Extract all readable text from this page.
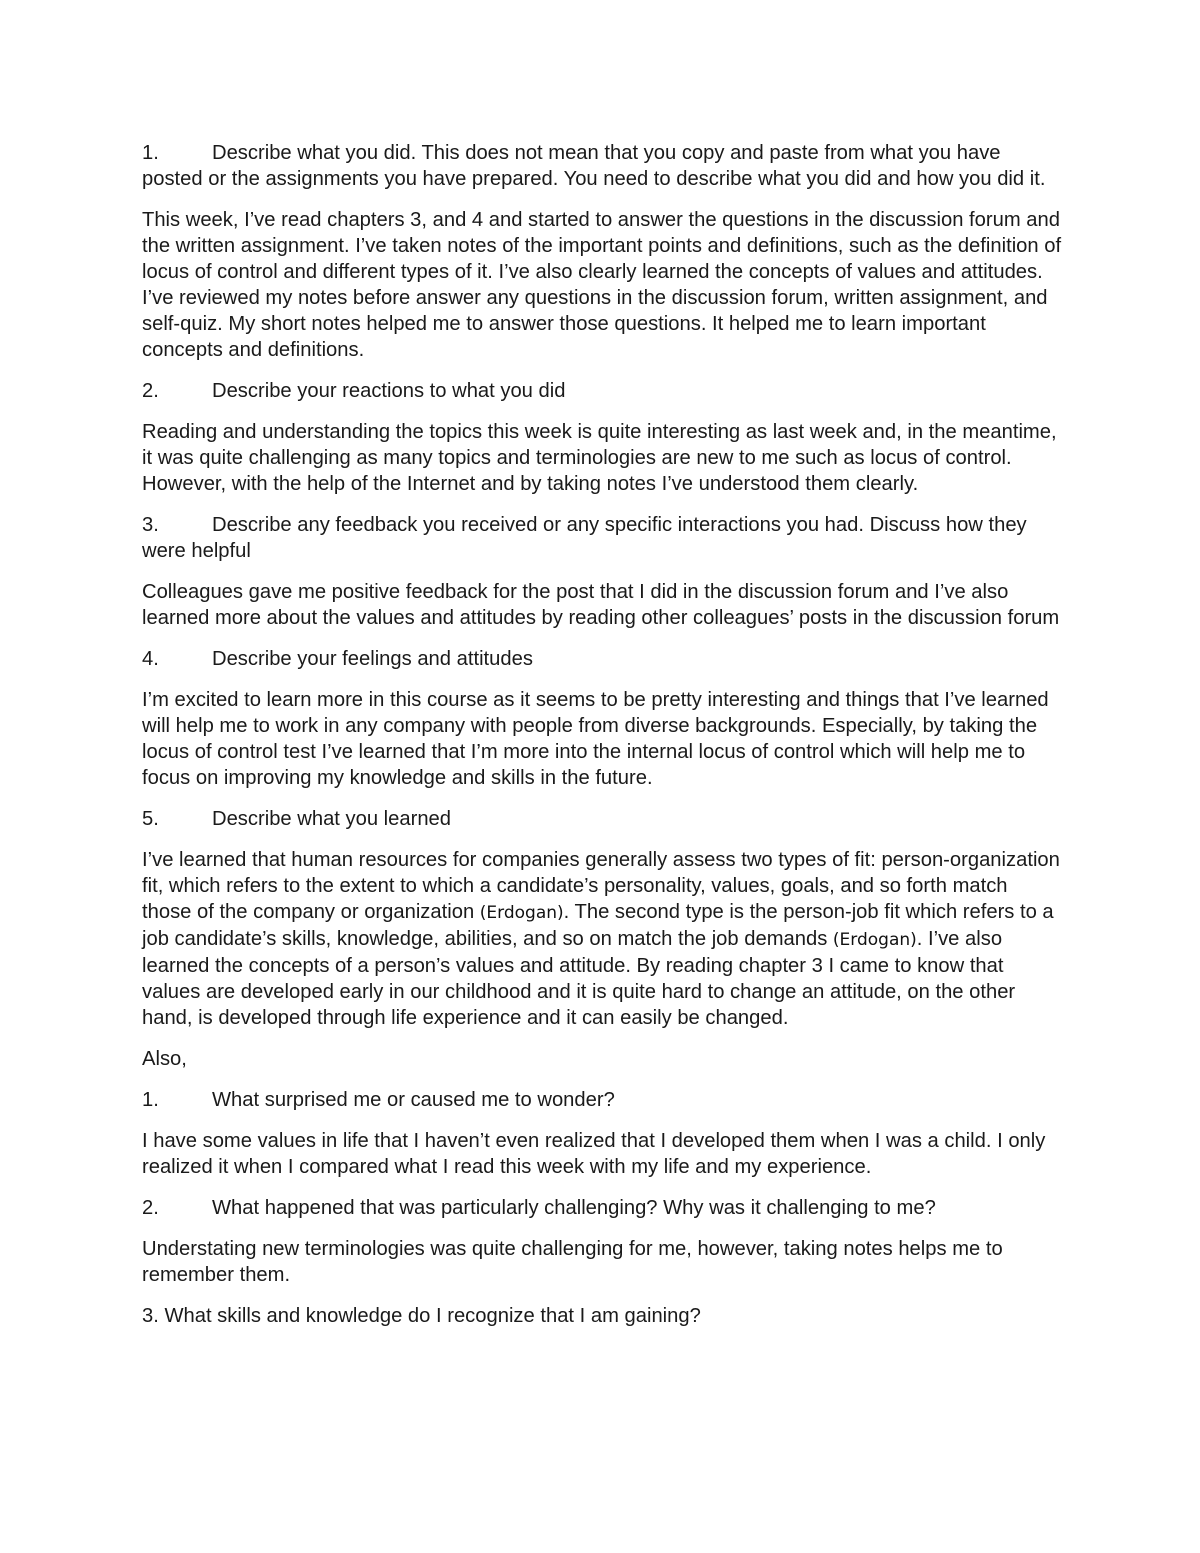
1.	Describe what you did. This does not mean that you copy and paste from what you have posted or the assignments you have prepared. You need to describe what you did and how you did it.

This week, I’ve read chapters 3, and 4 and started to answer the questions in the discussion forum and the written assignment. I’ve taken notes of the important points and definitions, such as the definition of locus of control and different types of it. I’ve also clearly learned the concepts of values and attitudes. I’ve reviewed my notes before answer any questions in the discussion forum, written assignment, and self-quiz. My short notes helped me to answer those questions. It helped me to learn important concepts and definitions.

2.	Describe your reactions to what you did

Reading and understanding the topics this week is quite interesting as last week and, in the meantime, it was quite challenging as many topics and terminologies are new to me such as locus of control. However, with the help of the Internet and by taking notes I’ve understood them clearly.

3.	Describe any feedback you received or any specific interactions you had. Discuss how they were helpful

Colleagues gave me positive feedback for the post that I did in the discussion forum and I’ve also learned more about the values and attitudes by reading other colleagues’ posts in the discussion forum

4.	Describe your feelings and attitudes

I’m excited to learn more in this course as it seems to be pretty interesting and things that I’ve learned will help me to work in any company with people from diverse backgrounds. Especially, by taking the locus of control test I’ve learned that I’m more into the internal locus of control which will help me to focus on improving my knowledge and skills in the future.

5.	Describe what you learned

I’ve learned that human resources for companies generally assess two types of fit: person-organization fit, which refers to the extent to which a candidate’s personality, values, goals, and so forth match those of the company or organization (Erdogan). The second type is the person-job fit which refers to a job candidate’s skills, knowledge, abilities, and so on match the job demands (Erdogan). I’ve also learned the concepts of a person’s values and attitude. By reading chapter 3 I came to know that values are developed early in our childhood and it is quite hard to change an attitude, on the other hand, is developed through life experience and it can easily be changed.

Also,

1.	What surprised me or caused me to wonder?

I have some values in life that I haven’t even realized that I developed them when I was a child. I only realized it when I compared what I read this week with my life and my experience.

2.	What happened that was particularly challenging? Why was it challenging to me?

Understating new terminologies was quite challenging for me, however, taking notes helps me to remember them.

3. What skills and knowledge do I recognize that I am gaining?
